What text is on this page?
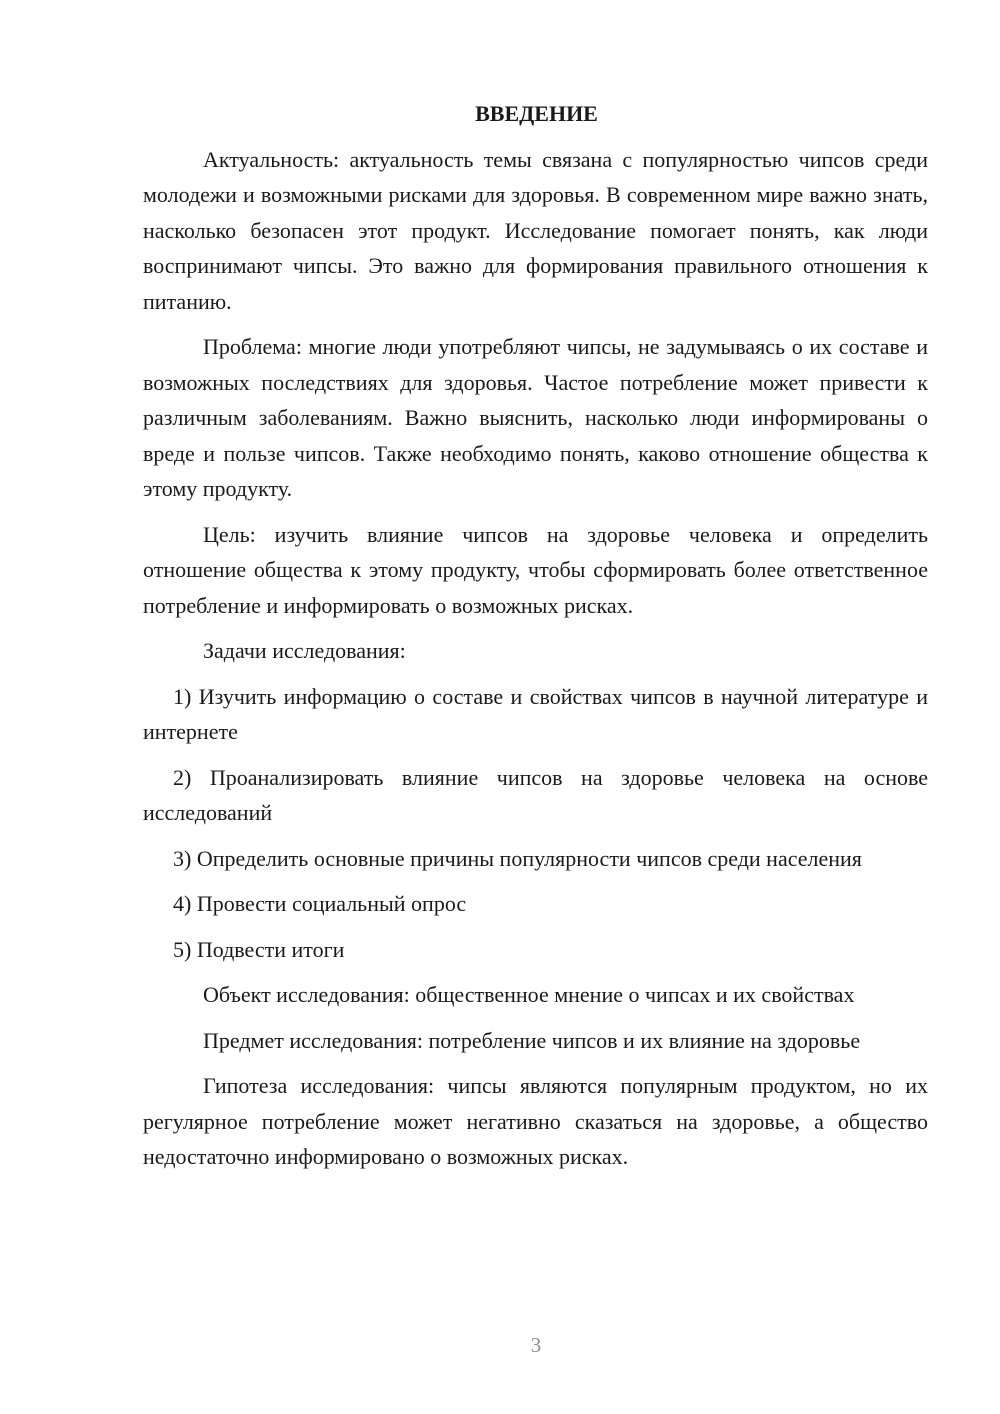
ВВЕДЕНИЕ

Актуальность: актуальность темы связана с популярностью чипсов среди молодежи и возможными рисками для здоровья. В современном мире важно знать, насколько безопасен этот продукт. Исследование помогает понять, как люди воспринимают чипсы. Это важно для формирования правильного отношения к питанию.

Проблема: многие люди употребляют чипсы, не задумываясь о их составе и возможных последствиях для здоровья. Частое потребление может привести к различным заболеваниям. Важно выяснить, насколько люди информированы о вреде и пользе чипсов. Также необходимо понять, каково отношение общества к этому продукту.

Цель: изучить влияние чипсов на здоровье человека и определить отношение общества к этому продукту, чтобы сформировать более ответственное потребление и информировать о возможных рисках.

Задачи исследования:

1) Изучить информацию о составе и свойствах чипсов в научной литературе и интернете

2) Проанализировать влияние чипсов на здоровье человека на основе исследований

3) Определить основные причины популярности чипсов среди населения

4) Провести социальный опрос

5) Подвести итоги

Объект исследования: общественное мнение о чипсах и их свойствах

Предмет исследования: потребление чипсов и их влияние на здоровье

Гипотеза исследования: чипсы являются популярным продуктом, но их регулярное потребление может негативно сказаться на здоровье, а общество недостаточно информировано о возможных рисках.

3
